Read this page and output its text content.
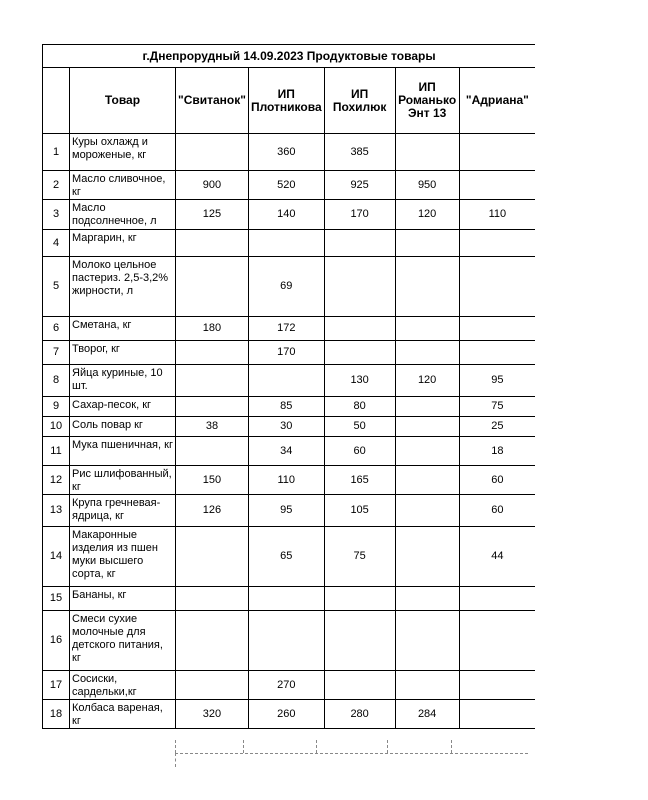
г.Днепрорудный 14.09.2023 Продуктовые товары						
	Товар	"Свитанок"	ИП Плотникова	ИП Похилюк	ИП Романько Энт 13	"Адриана"
1	Куры охлажд и мороженые, кг		360	385		
2	Масло сливочное, кг	900	520	925	950	
3	Масло подсолнечное, л	125	140	170	120	110
4	Маргарин, кг					
5	Молоко цельное пастериз. 2,5-3,2% жирности, л		69			
6	Сметана, кг	180	172			
7	Творог, кг		170			
8	Яйца куриные, 10 шт.			130	120	95
9	Сахар-песок, кг		85	80		75
10	Соль повар кг	38	30	50		25
11	Мука пшеничная, кг		34	60		18
12	Рис шлифованный, кг	150	110	165		60
13	Крупа гречневая-ядрица, кг	126	95	105		60
14	Макаронные изделия из пшен муки высшего сорта, кг		65	75		44
15	Бананы, кг					
16	Смеси сухие молочные для детского питания, кг					
17	Сосиски, сардельки,кг		270			
18	Колбаса вареная, кг	320	260	280	284	
